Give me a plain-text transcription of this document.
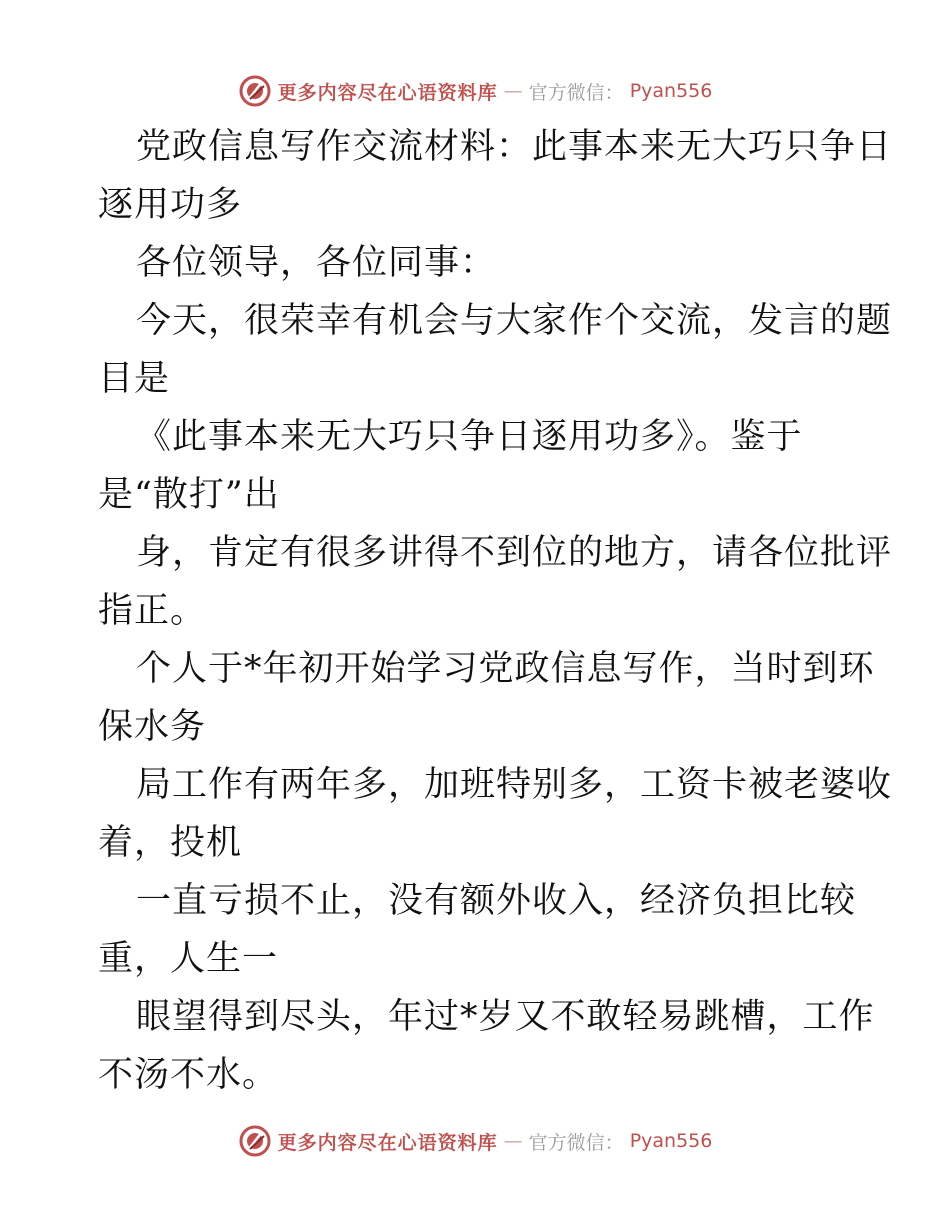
更多内容尽在心语资料库 — 官方微信： Pyan556
党政信息写作交流材料：此事本来无大巧只争日
逐用功多
各位领导，各位同事：
今天，很荣幸有机会与大家作个交流，发言的题
目是
《此事本来无大巧只争日逐用功多》。鉴于
是“散打”出
身，肯定有很多讲得不到位的地方，请各位批评
指正。
个人于*年初开始学习党政信息写作，当时到环
保水务
局工作有两年多，加班特别多，工资卡被老婆收
着，投机
一直亏损不止，没有额外收入，经济负担比较
重，人生一
眼望得到尽头，年过*岁又不敢轻易跳槽，工作
不汤不水。
更多内容尽在心语资料库 — 官方微信： Pyan556
